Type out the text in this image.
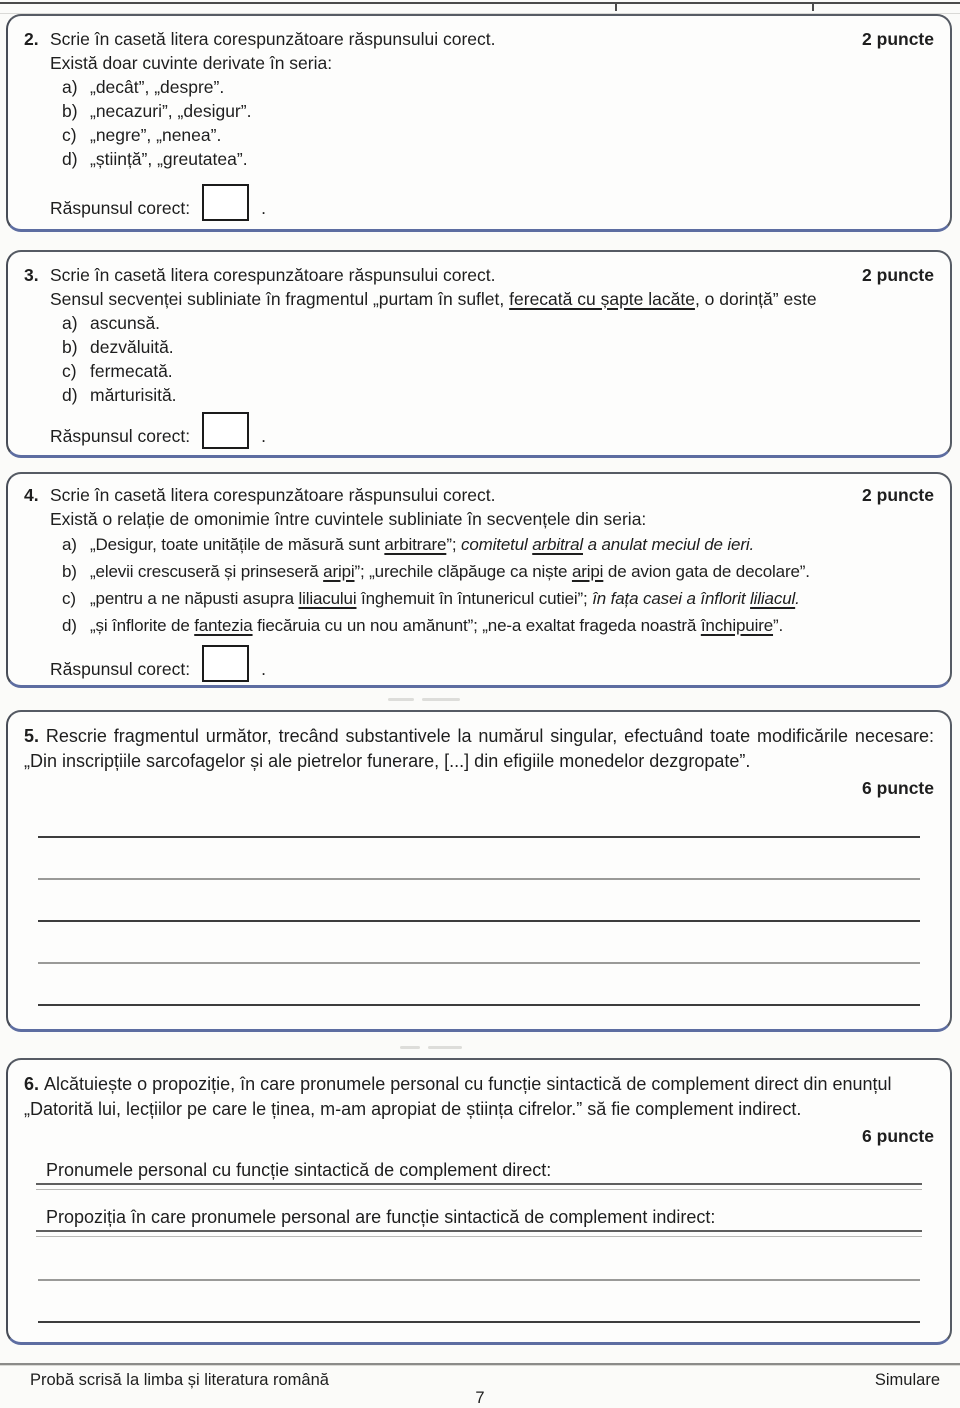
2. Scrie în casetă litera corespunzătoare răspunsului corect.	2 puncte
Există doar cuvinte derivate în seria:
a) „decât”, „despre”.
b) „necazuri”, „desigur”.
c) „negre”, „nenea”.
d) „știință”, „greutatea”.
Răspunsul corect:	.
3. Scrie în casetă litera corespunzătoare răspunsului corect.	2 puncte
Sensul secvenței subliniate în fragmentul „purtam în suflet, ferecată cu șapte lacăte, o dorință” este
a) ascunsă.
b) dezvăluită.
c) fermecată.
d) mărturisită.
Răspunsul corect:	.
4. Scrie în casetă litera corespunzătoare răspunsului corect.	2 puncte
Există o relație de omonimie între cuvintele subliniate în secvențele din seria:
a) „Desigur, toate unitățile de măsură sunt arbitrare”; comitetul arbitral a anulat meciul de ieri.
b) „elevii crescuseră și prinseseră aripi”; „urechile clăpăuge ca niște aripi de avion gata de decolare”.
c) „pentru a ne năpusti asupra liliacului înghemuit în întunericul cutiei”; în fața casei a înflorit liliacul.
d) „și înflorite de fantezia fiecăruia cu un nou amănunt”; „ne-a exaltat frageda noastră închipuire”.
Răspunsul corect:	.
5. Rescrie fragmentul următor, trecând substantivele la numărul singular, efectuând toate modificările necesare: „Din inscripțiile sarcofagelor și ale pietrelor funerare, [...] din efigiile monedelor dezgropate”.
6 puncte
6. Alcătuiește o propoziție, în care pronumele personal cu funcție sintactică de complement direct din enunțul „Datorită lui, lecțiilor pe care le ținea, m-am apropiat de știința cifrelor.” să fie complement indirect.
6 puncte
Pronumele personal cu funcție sintactică de complement direct:
Propoziția în care pronumele personal are funcție sintactică de complement indirect:
Probă scrisă la limba și literatura română	Simulare
7
